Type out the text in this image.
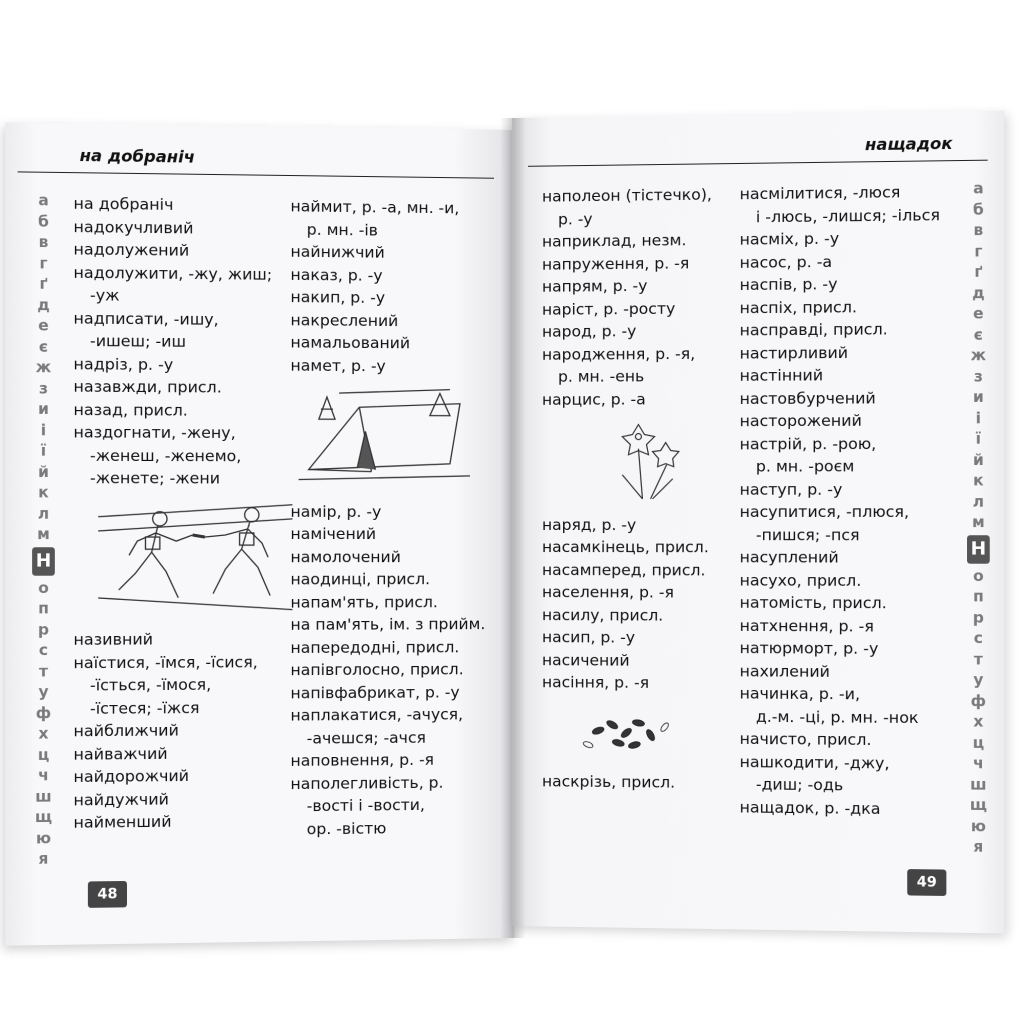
на добраніч
а
б
в
г
ґ
д
е
є
ж
з
и
і
ї
й
к
л
м
Н
о
п
р
с
т
у
ф
х
ц
ч
ш
щ
ю
я
на добраніч
надокучливий
надолужений
надолужити, -жу, жиш;
-уж
надписати, -ишу,
-ишеш; -иш
надріз, р. -у
назавжди, присл.
назад, присл.
наздогнати, -жену,
-женеш, -женемо,
-женете; -жени
називний
наїстися, -їмся, -їсися,
-їсться, -їмося,
-їстеся; -їжся
найближчий
найважчий
найдорожчий
найдужчий
найменший
наймит, р. -а, мн. -и,
р. мн. -ів
найнижчий
наказ, р. -у
накип, р. -у
накреслений
намальований
намет, р. -у
намір, р. -у
намічений
намолочений
наодинці, присл.
напам'ять, присл.
на пам'ять, ім. з прийм.
напередодні, присл.
напівголосно, присл.
напівфабрикат, р. -у
наплакатися, -ачуся,
-ачешся; -ачся
наповнення, р. -я
наполегливість, р.
-вості і -вости,
ор. -вістю
48
нащадок
а
б
в
г
ґ
д
е
є
ж
з
и
і
ї
й
к
л
м
Н
о
п
р
с
т
у
ф
х
ц
ч
ш
щ
ю
я
наполеон (тістечко),
р. -у
наприклад, незм.
напруження, р. -я
напрям, р. -у
наріст, р. -росту
народ, р. -у
народження, р. -я,
р. мн. -ень
нарцис, р. -а
наряд, р. -у
насамкінець, присл.
насамперед, присл.
населення, р. -я
насилу, присл.
насип, р. -у
насичений
насіння, р. -я
наскрізь, присл.
насмілитися, -люся
і -люсь, -лишся; -ілься
насміх, р. -у
насос, р. -а
наспів, р. -у
наспіх, присл.
насправді, присл.
настирливий
настінний
настовбурчений
насторожений
настрій, р. -рою,
р. мн. -роєм
наступ, р. -у
насупитися, -плюся,
-пишся; -пся
насуплений
насухо, присл.
натомість, присл.
натхнення, р. -я
натюрморт, р. -у
нахилений
начинка, р. -и,
д.-м. -ці, р. мн. -нок
начисто, присл.
нашкодити, -джу,
-диш; -одь
нащадок, р. -дка
49
